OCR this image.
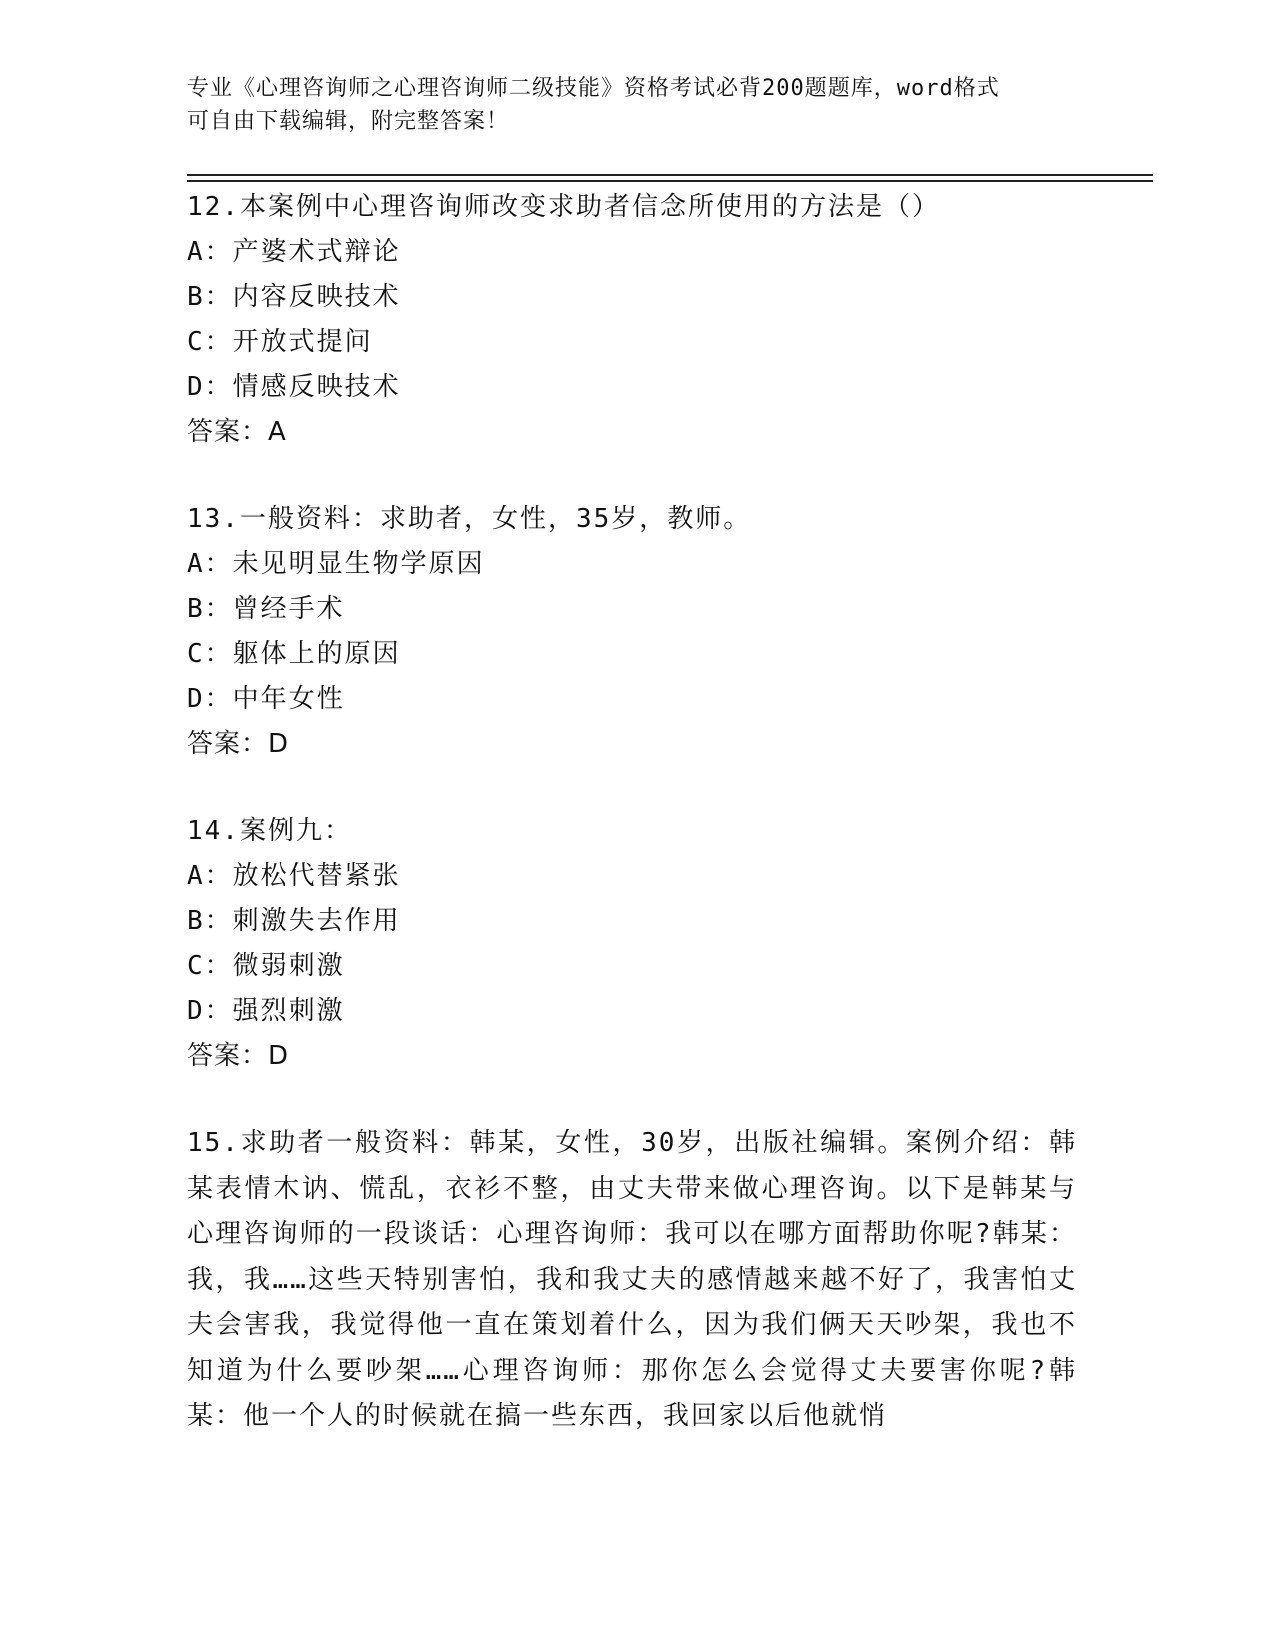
专业《心理咨询师之心理咨询师二级技能》资格考试必背200题题库，word格式
可自由下载编辑，附完整答案！
12.本案例中心理咨询师改变求助者信念所使用的方法是（）
A：产婆术式辩论
B：内容反映技术
C：开放式提问
D：情感反映技术
答案：A
13.一般资料：求助者，女性，35岁，教师。
A：未见明显生物学原因
B：曾经手术
C：躯体上的原因
D：中年女性
答案：D
14.案例九：
A：放松代替紧张
B：刺激失去作用
C：微弱刺激
D：强烈刺激
答案：D
15.求助者一般资料：韩某，女性，30岁，出版社编辑。案例介绍：韩某表情木讷、慌乱，衣衫不整，由丈夫带来做心理咨询。以下是韩某与心理咨询师的一段谈话：心理咨询师：我可以在哪方面帮助你呢?韩某：我，我……这些天特别害怕，我和我丈夫的感情越来越不好了，我害怕丈夫会害我，我觉得他一直在策划着什么，因为我们俩天天吵架，我也不知道为什么要吵架……心理咨询师：那你怎么会觉得丈夫要害你呢?韩某：他一个人的时候就在搞一些东西，我回家以后他就悄
